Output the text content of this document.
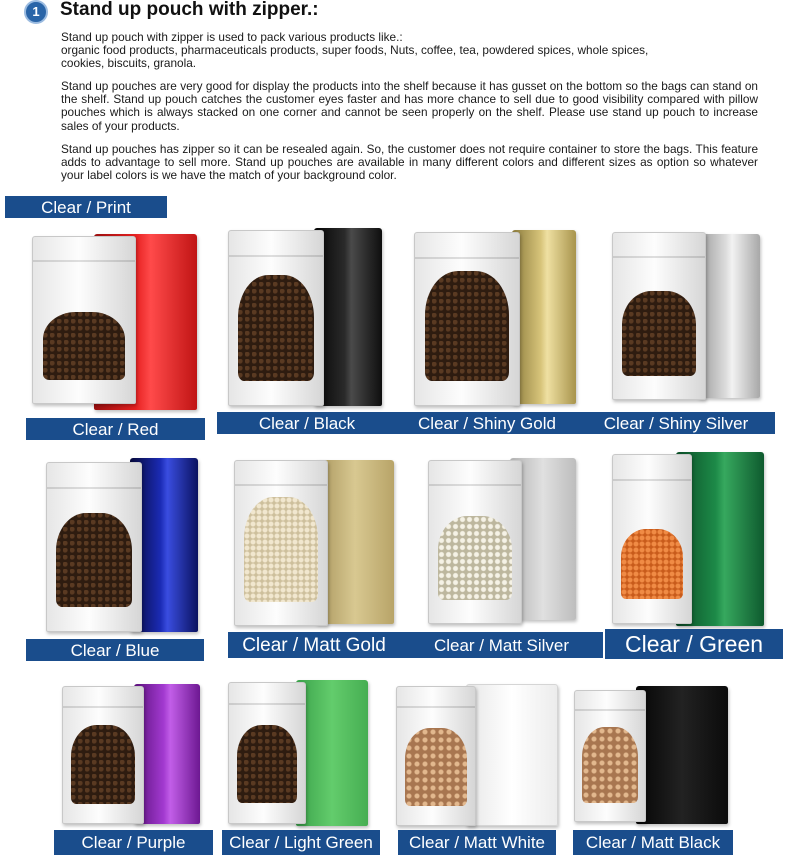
1	Stand up pouch with zipper.:
Stand up pouch with zipper is used to pack various products like.:
organic food products, pharmaceuticals products, super foods, Nuts, coffee, tea, powdered spices, whole spices,
cookies, biscuits, granola.
Stand up pouches are very good for display the products into the shelf because it has gusset on the bottom so the bags can stand on the shelf. Stand up pouch catches the customer eyes faster and has more chance to sell due to good visibility compared with pillow pouches which is always stacked on one corner and cannot be seen properly on the shelf. Please use stand up pouch to increase sales of your products.
Stand up pouches has zipper so it can be resealed again. So, the customer does not require container to store the bags. This feature adds to advantage to sell more. Stand up pouches are available in many different colors and different sizes as option so whatever your label colors is we have the match of your background color.
Clear / Print
Clear / Red	Clear / Black	Clear / Shiny Gold	Clear / Shiny Silver
Clear / Blue	Clear / Matt Gold	Clear / Matt Silver	Clear / Green
Clear / Purple	Clear / Light Green	Clear / Matt White	Clear / Matt Black
